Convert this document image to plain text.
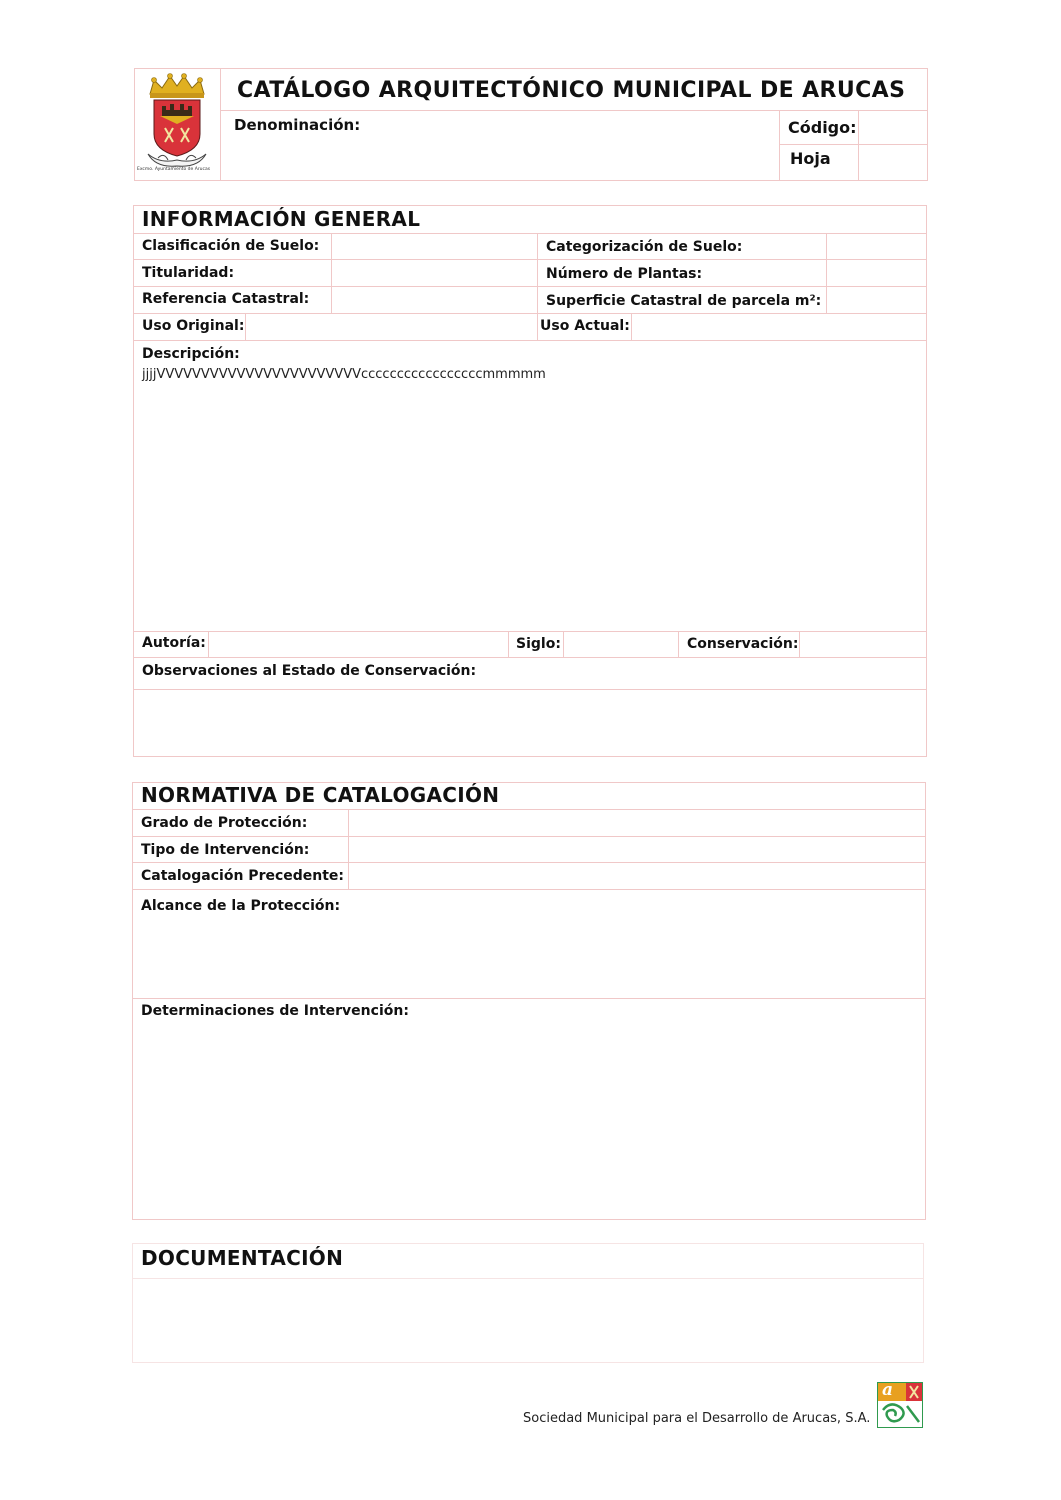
Excmo. Ayuntamiento de Arucas
CATÁLOGO ARQUITECTÓNICO MUNICIPAL DE ARUCAS
Denominación:	Código:
Hoja
INFORMACIÓN GENERAL
Clasificación de Suelo:	Categorización de Suelo:
Titularidad:	Número de Plantas:
Referencia Catastral:	Superficie Catastral de parcela m²:
Uso Original:	Uso Actual:
Descripción:
jjjjVVVVVVVVVVVVVVVVVVVVVVVcccccccccccccccccmmmmm
Autoría:	Siglo:	Conservación:
Observaciones al Estado de Conservación:
NORMATIVA DE CATALOGACIÓN
Grado de Protección:
Tipo de Intervención:
Catalogación Precedente:
Alcance de la Protección:
Determinaciones de Intervención:
DOCUMENTACIÓN
Sociedad Municipal para el Desarrollo de Arucas, S.A.
a
